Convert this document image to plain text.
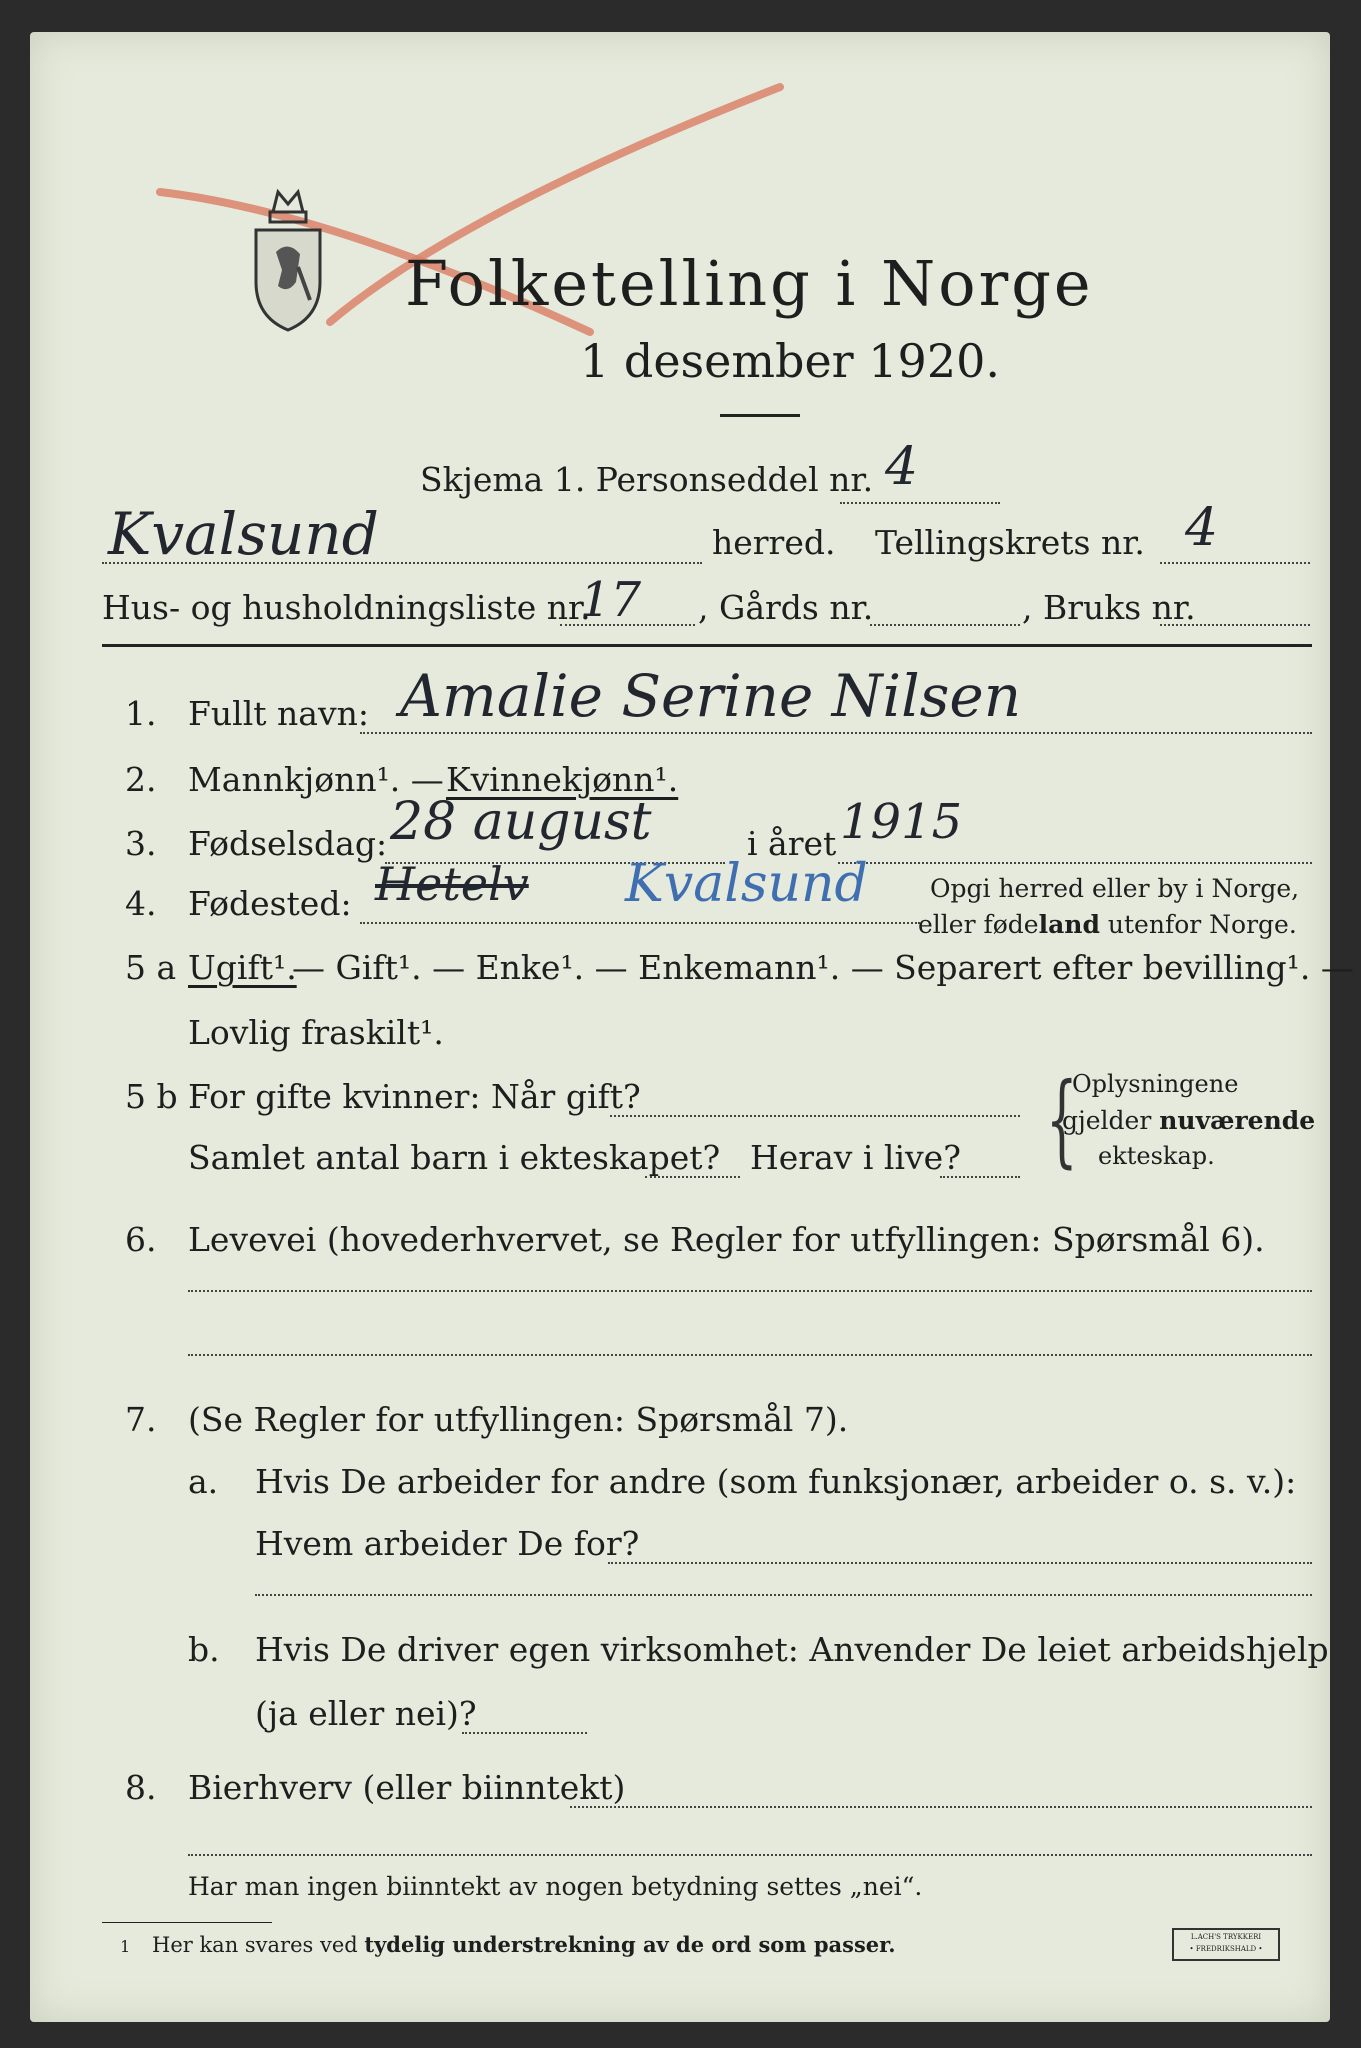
Folketelling i Norge
1 desember 1920.
Skjema 1. Personseddel nr. 4
Kvalsund	herred. Tellingskrets nr. 4
Hus- og husholdningsliste nr.
17 , Gårds nr.	, Bruks nr.
1. Fullt navn: Amalie Serine Nilsen
2. Mannkjønn¹. — Kvinnekjønn¹.
3. Fødselsdag: 28 august	i året 1915
4. Fødested: Hetelv Kvalsund Opgi herred eller by i Norge,
eller fødeland utenfor Norge.
5 a Ugift¹.
— Gift¹. — Enke¹. — Enkemann¹. — Separert efter bevilling¹. —
Lovlig fraskilt¹.
5 b For gifte kvinner: Når gift?
Samlet antal barn i ekteskapet? Herav i live? {
Oplysningene
gjelder nuværende
ekteskap.
6. Levevei (hovederhvervet, se Regler for utfyllingen: Spørsmål 6).
7. (Se Regler for utfyllingen: Spørsmål 7).
a. Hvis De arbeider for andre (som funksjonær, arbeider o. s. v.):
Hvem arbeider De for?
b. Hvis De driver egen virksomhet: Anvender De leiet arbeidshjelp
(ja eller nei)?
8. Bierhverv (eller biinntekt)
Har man ingen biinntekt av nogen betydning settes „nei“.
1 Her kan svares ved tydelig understrekning av de ord som passer.	L.ACH'S TRYKKERI
• FREDRIKSHALD •
